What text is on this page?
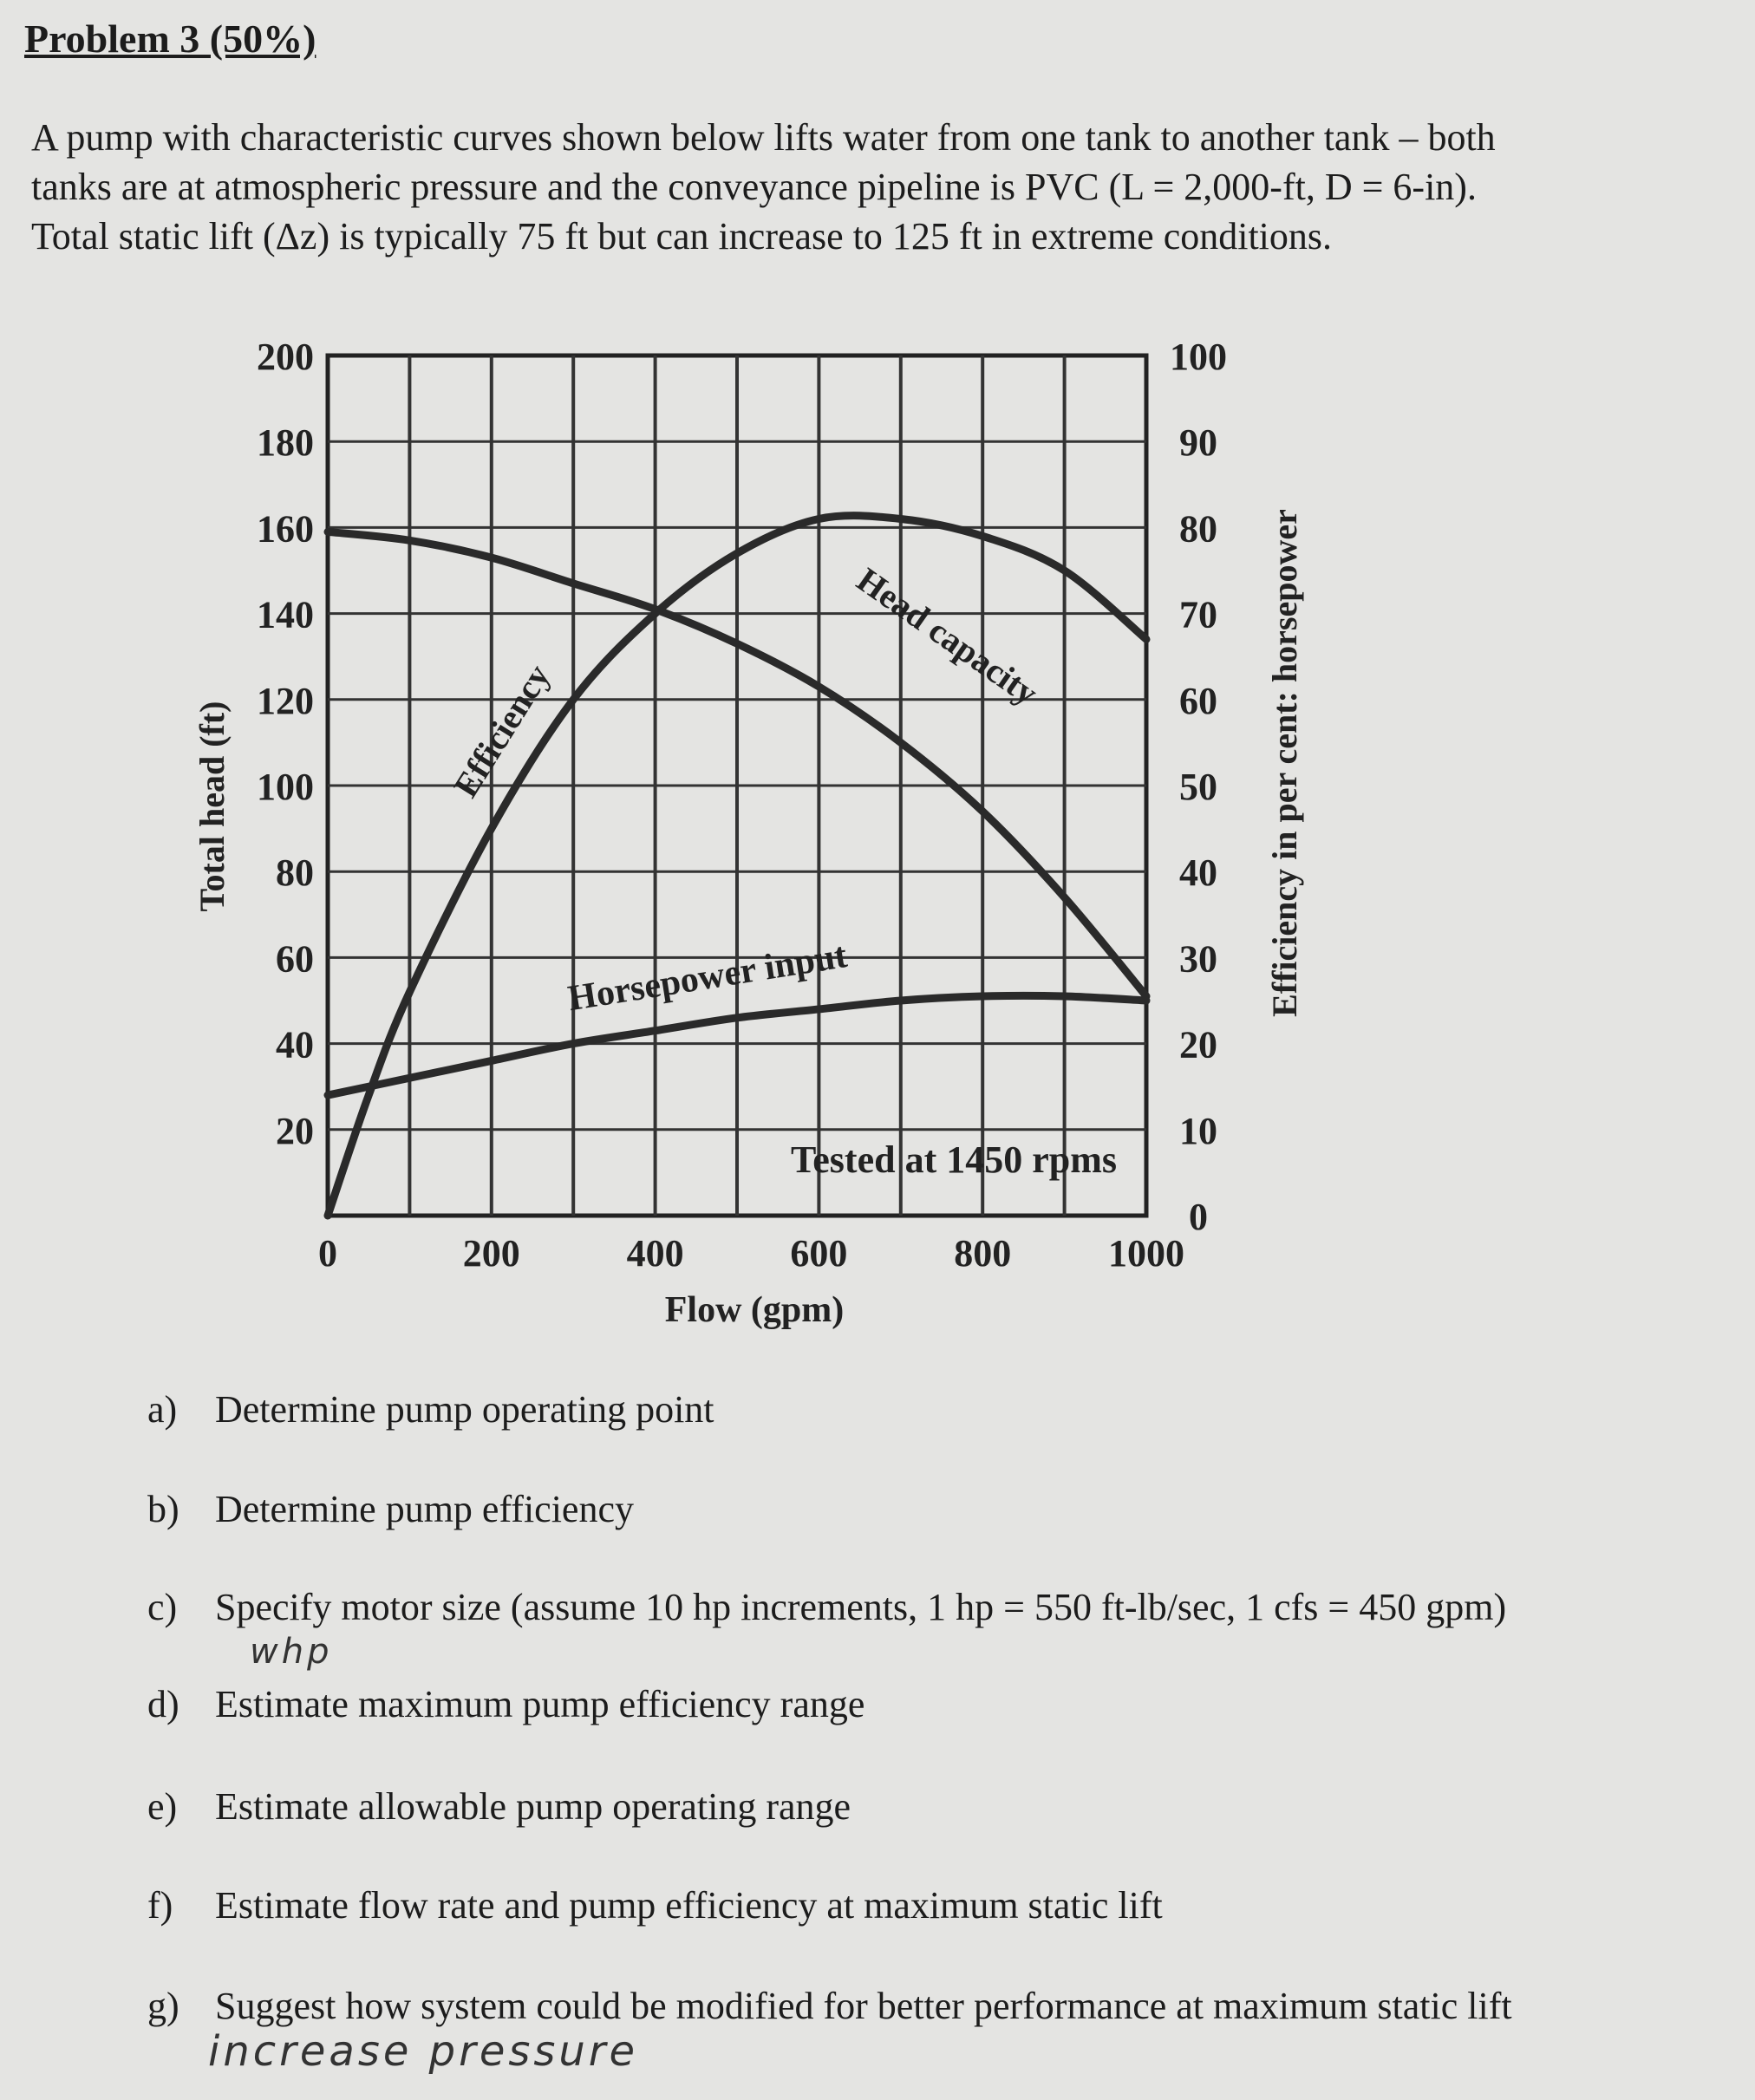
Problem 3 (50%)
A pump with characteristic curves shown below lifts water from one tank to another tank – both
tanks are at atmospheric pressure and the conveyance pipeline is PVC (L = 2,000-ft, D = 6-in).
Total static lift (Δz) is typically 75 ft but can increase to 125 ft in extreme conditions.
Head capacity
Efficiency
Horsepower input
200
180
160
140
120
100
80
60
40
20
100
90
80
70
60
50
40
30
20
10
0
0	200	400	600	800	1000
Total head (ft)	Efficiency in per cent: horsepower
Flow (gpm)
Tested at 1450 rpms
a) Determine pump operating point
b) Determine pump efficiency
c) Specify motor size (assume 10 hp increments, 1 hp = 550 ft-lb/sec, 1 cfs = 450 gpm)
d) Estimate maximum pump efficiency range
e) Estimate allowable pump operating range
f) Estimate flow rate and pump efficiency at maximum static lift
g) Suggest how system could be modified for better performance at maximum static lift
whp
increase pressure
